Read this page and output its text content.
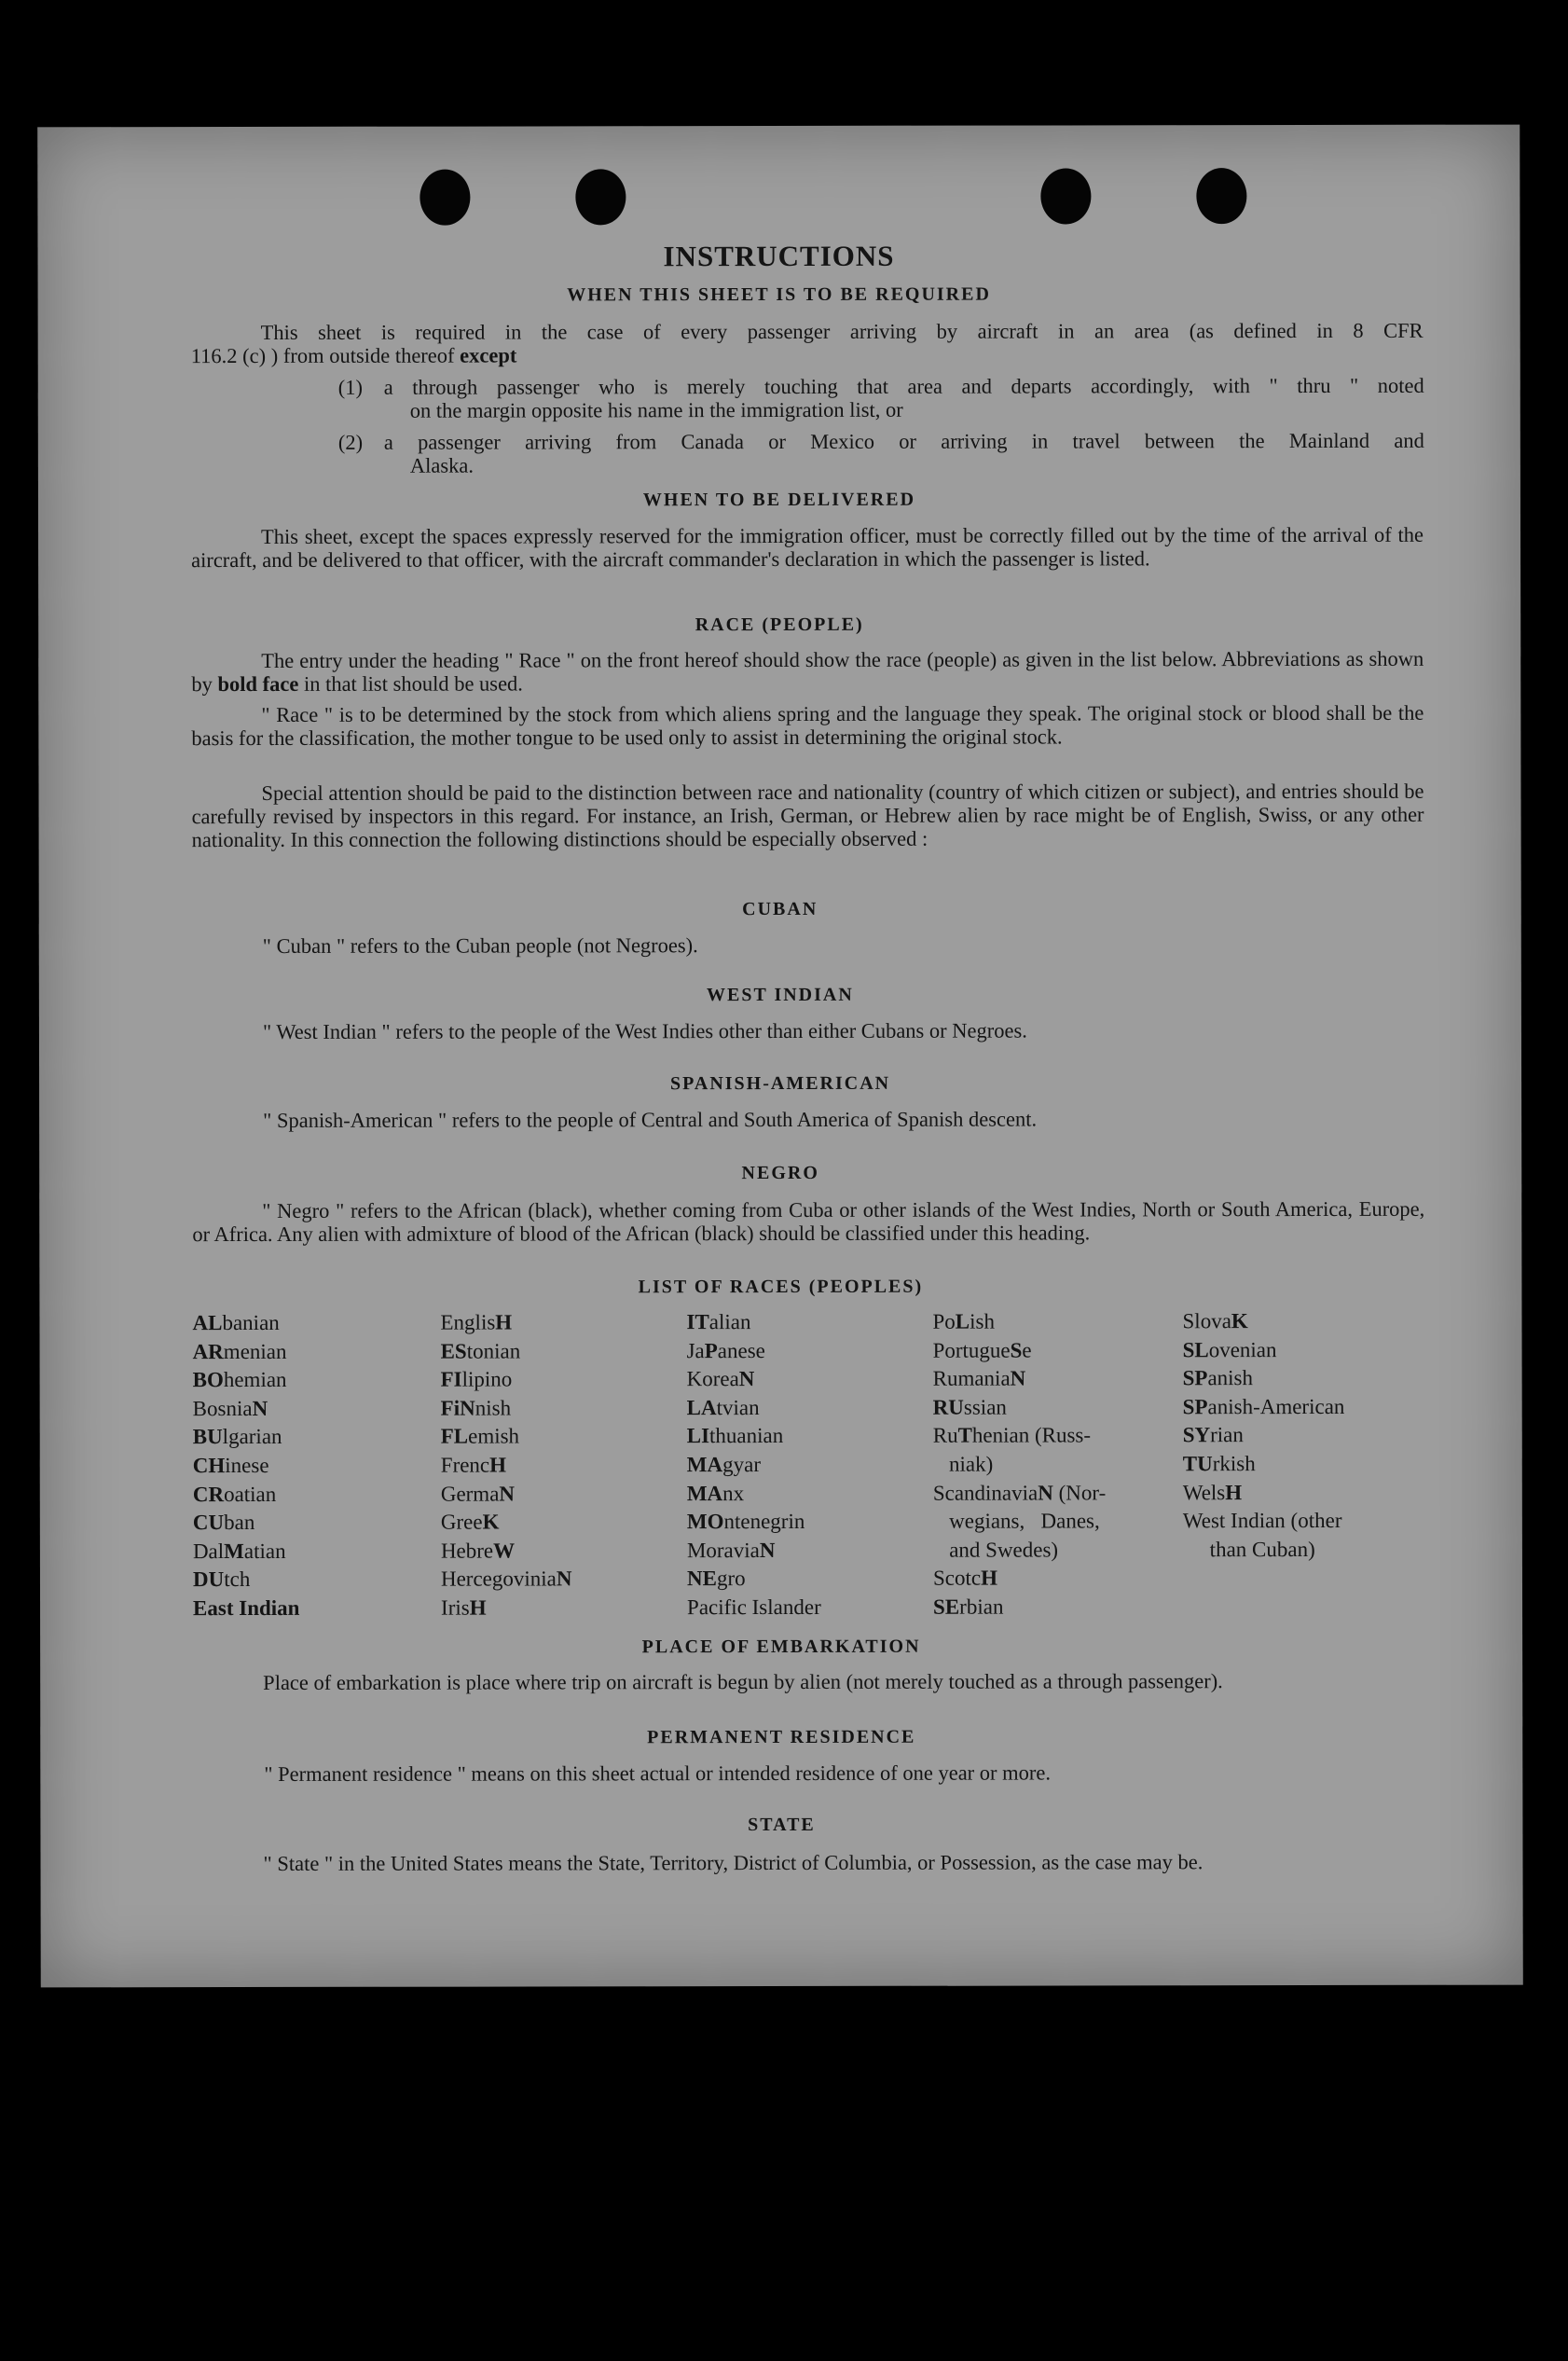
INSTRUCTIONS
WHEN THIS SHEET IS TO BE REQUIRED
This sheet is required in the case of every passenger arriving by aircraft in an area (as defined in 8 CFR
116.2 (c) ) from outside thereof except
(1) a through passenger who is merely touching that area and departs accordingly, with " thru " noted
on the margin opposite his name in the immigration list, or
(2) a passenger arriving from Canada or Mexico or arriving in travel between the Mainland and
Alaska.
WHEN TO BE DELIVERED
This sheet, except the spaces expressly reserved for the immigration officer, must be correctly filled out by the time of the arrival of the aircraft, and be delivered to that officer, with the aircraft commander's declaration in which the passenger is listed.
RACE (PEOPLE)
The entry under the heading " Race " on the front hereof should show the race (people) as given in the list below. Abbreviations as shown by bold face in that list should be used.
" Race " is to be determined by the stock from which aliens spring and the language they speak. The original stock or blood shall be the basis for the classification, the mother tongue to be used only to assist in determining the original stock.
Special attention should be paid to the distinction between race and nationality (country of which citizen or subject), and entries should be carefully revised by inspectors in this regard. For instance, an Irish, German, or Hebrew alien by race might be of English, Swiss, or any other nationality. In this connection the following distinctions should be especially observed :
CUBAN
" Cuban " refers to the Cuban people (not Negroes).
WEST INDIAN
" West Indian " refers to the people of the West Indies other than either Cubans or Negroes.
SPANISH-AMERICAN
" Spanish-American " refers to the people of Central and South America of Spanish descent.
NEGRO
" Negro " refers to the African (black), whether coming from Cuba or other islands of the West Indies, North or South America, Europe, or Africa. Any alien with admixture of blood of the African (black) should be classified under this heading.
LIST OF RACES (PEOPLES)
ALbanian
ARmenian
BOhemian
BosniaN
BUlgarian
CHinese
CRoatian
CUban
DalMatian
DUtch
East Indian
EnglisH
EStonian
FIlipino
FiNnish
FLemish
FrencH
GermaN
GreeK
HebreW
HercegoviniaN
IrisH
ITalian
JaPanese
KoreaN
LAtvian
LIthuanian
MAgyar
MAnx
MOntenegrin
MoraviaN
NEgro
Pacific Islander
PoLish
PortugueSe
RumaniaN
RUssian
RuThenian (Russ-
niak)
ScandinaviaN (Nor-
wegians,   Danes,
and Swedes)
ScotcH
SErbian
SlovaK
SLovenian
SPanish
SPanish-American
SYrian
TUrkish
WelsH
West Indian (other
than Cuban)
PLACE OF EMBARKATION
Place of embarkation is place where trip on aircraft is begun by alien (not merely touched as a through passenger).
PERMANENT RESIDENCE
" Permanent residence " means on this sheet actual or intended residence of one year or more.
STATE
" State " in the United States means the State, Territory, District of Columbia, or Possession, as the case may be.
